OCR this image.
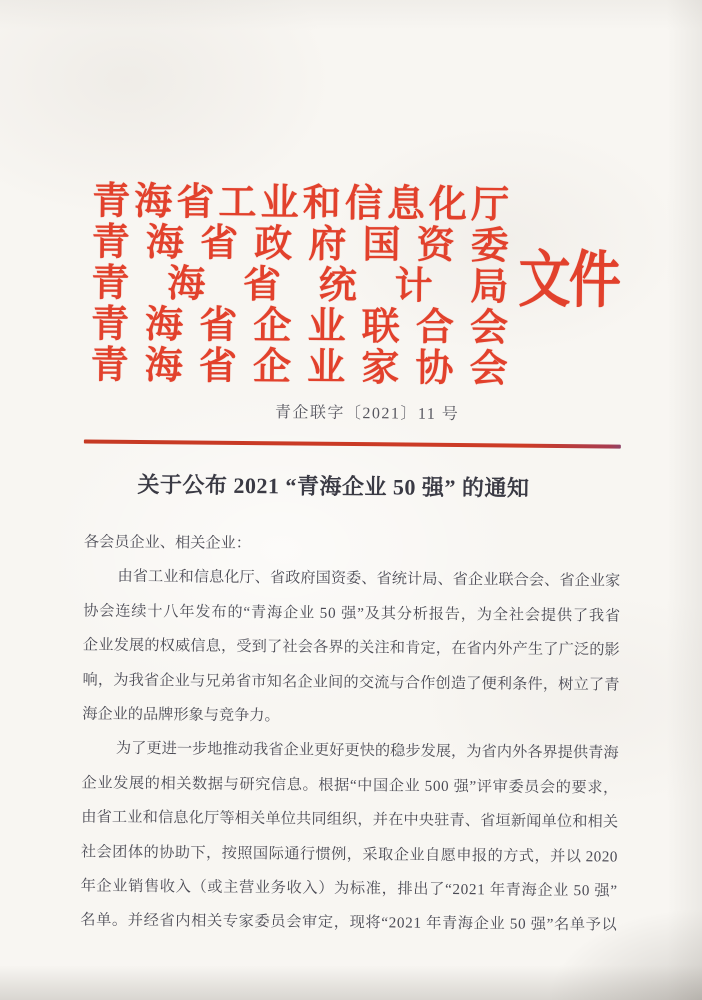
青 海 省 工 业 和 信 息 化 厅
青 海 省 政 府 国 资 委
青 海 省 统 计 局
青 海 省 企 业 联 合 会
青 海 省 企 业 家 协 会
文件
青企联字〔2021〕11 号
关于公布 2021 “青海企业 50 强” 的通知
各会员企业、相关企业：
由 省 工 业 和 信 息 化 厅 、 省 政 府 国 资 委 、 省 统 计 局 、 省 企 业 联 合 会 、 省 企 业 家
协 会 连 续 十 八 年 发 布 的 “ 青 海 企 业
5 0
强 ” 及 其 分 析 报 告 ， 为 全 社 会 提 供 了 我 省
企 业 发 展 的 权 威 信 息 ， 受 到 了 社 会 各 界 的 关 注 和 肯 定 ， 在 省 内 外 产 生 了 广 泛 的 影
响 ， 为 我 省 企 业 与 兄 弟 省 市 知 名 企 业 间 的 交 流 与 合 作 创 造 了 便 利 条 件 ， 树 立 了 青
海企业的品牌形象与竞争力。
为 了 更 进 一 步 地 推 动 我 省 企 业 更 好 更 快 的 稳 步 发 展 ， 为 省 内 外 各 界 提 供 青 海
企 业 发 展 的 相 关 数 据 与 研 究 信 息 。 根 据 “ 中 国 企 业
5 0 0
强 ” 评 审 委 员 会 的 要 求 ，
由 省 工 业 和 信 息 化 厅 等 相 关 单 位 共 同 组 织 ， 并 在 中 央 驻 青 、 省 垣 新 闻 单 位 和 相 关
社 会 团 体 的 协 助 下 ， 按 照 国 际 通 行 惯 例 ， 采 取 企 业 自 愿 申 报 的 方 式 ， 并 以
2 0 2 0
年 企 业 销 售 收 入 （ 或 主 营 业 务 收 入 ） 为 标 准 ， 排 出 了 “ 2 0 2 1
年 青 海 企 业
5 0
强 ”
名 单 。 并 经 省 内 相 关 专 家 委 员 会 审 定 ， 现 将 “ 2 0 2 1
年 青 海 企 业
5 0
强 ” 名 单 予 以
